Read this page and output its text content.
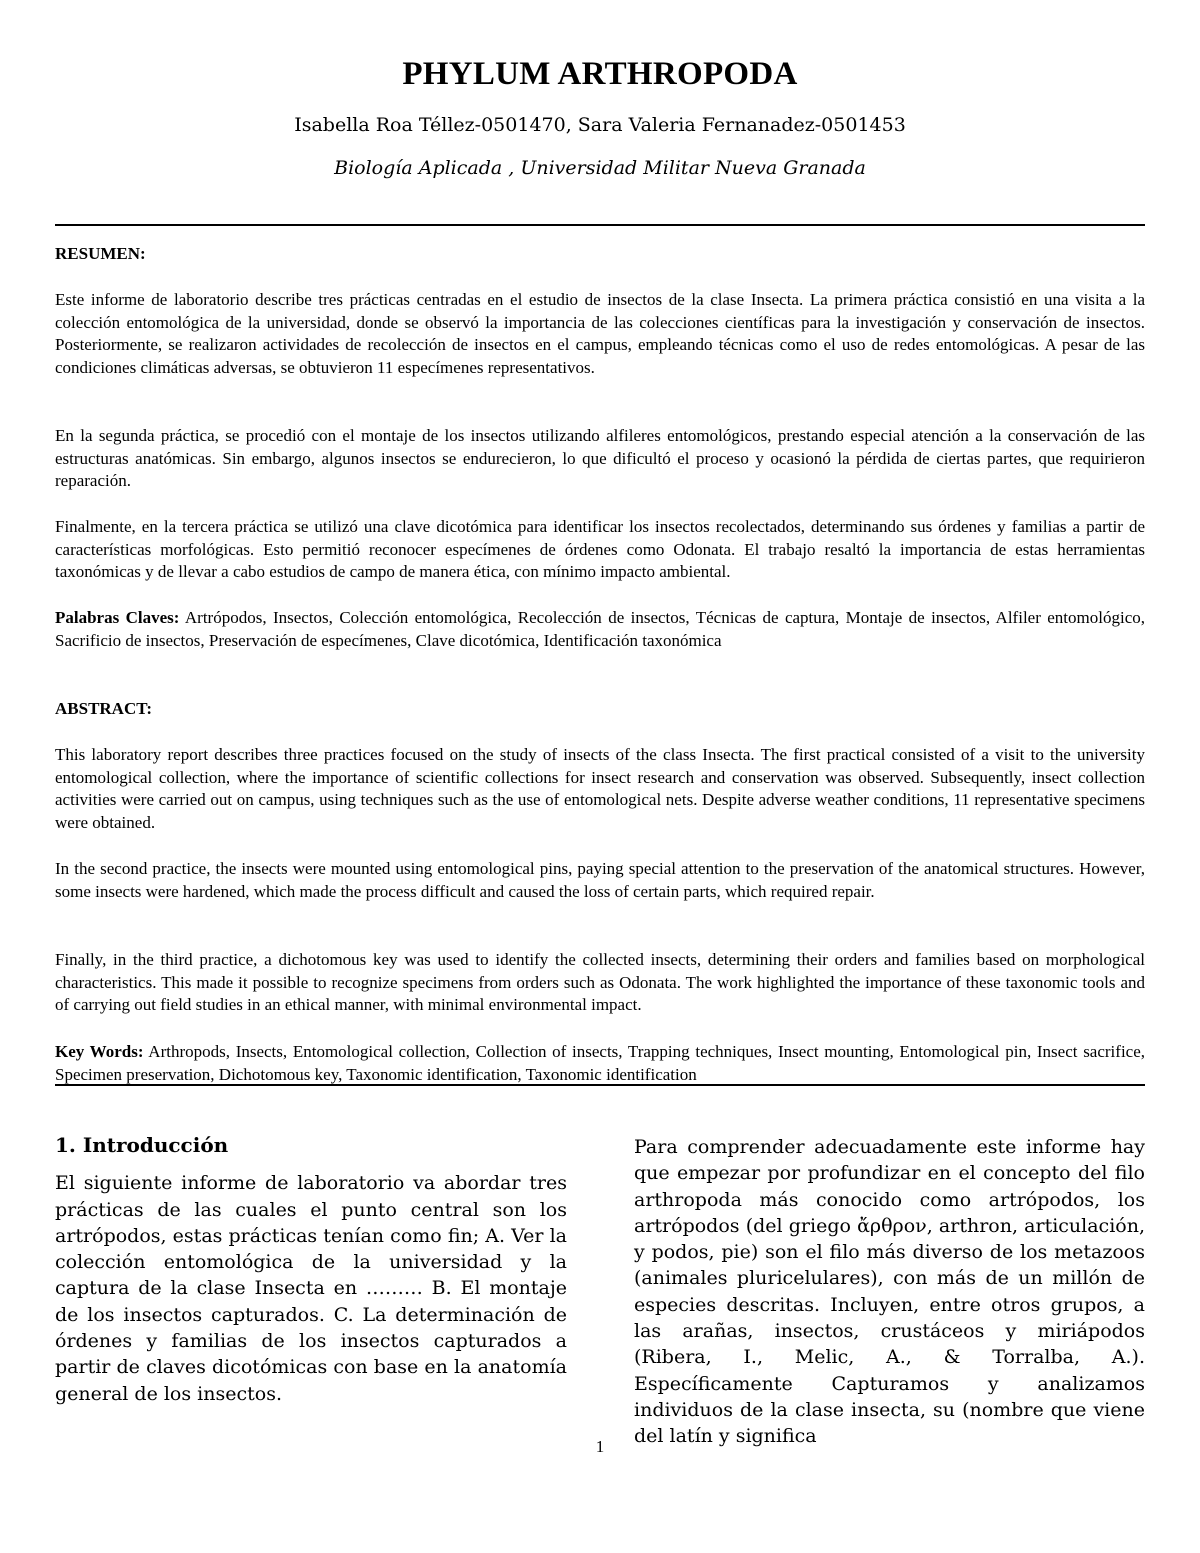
PHYLUM ARTHROPODA
Isabella Roa Téllez-0501470, Sara Valeria Fernanadez-0501453
Biología Aplicada , Universidad Militar Nueva Granada

RESUMEN:

Este informe de laboratorio describe tres prácticas centradas en el estudio de insectos de la clase Insecta. La primera práctica consistió en una visita a la colección entomológica de la universidad, donde se observó la importancia de las colecciones científicas para la investigación y conservación de insectos. Posteriormente, se realizaron actividades de recolección de insectos en el campus, empleando técnicas como el uso de redes entomológicas. A pesar de las condiciones climáticas adversas, se obtuvieron 11 especímenes representativos.

En la segunda práctica, se procedió con el montaje de los insectos utilizando alfileres entomológicos, prestando especial atención a la conservación de las estructuras anatómicas. Sin embargo, algunos insectos se endurecieron, lo que dificultó el proceso y ocasionó la pérdida de ciertas partes, que requirieron reparación.

Finalmente, en la tercera práctica se utilizó una clave dicotómica para identificar los insectos recolectados, determinando sus órdenes y familias a partir de características morfológicas. Esto permitió reconocer especímenes de órdenes como Odonata. El trabajo resaltó la importancia de estas herramientas taxonómicas y de llevar a cabo estudios de campo de manera ética, con mínimo impacto ambiental.

Palabras Claves: Artrópodos, Insectos, Colección entomológica, Recolección de insectos, Técnicas de captura, Montaje de insectos, Alfiler entomológico, Sacrificio de insectos, Preservación de especímenes, Clave dicotómica, Identificación taxonómica

ABSTRACT:

This laboratory report describes three practices focused on the study of insects of the class Insecta. The first practical consisted of a visit to the university entomological collection, where the importance of scientific collections for insect research and conservation was observed. Subsequently, insect collection activities were carried out on campus, using techniques such as the use of entomological nets. Despite adverse weather conditions, 11 representative specimens were obtained.

In the second practice, the insects were mounted using entomological pins, paying special attention to the preservation of the anatomical structures. However, some insects were hardened, which made the process difficult and caused the loss of certain parts, which required repair.

Finally, in the third practice, a dichotomous key was used to identify the collected insects, determining their orders and families based on morphological characteristics. This made it possible to recognize specimens from orders such as Odonata. The work highlighted the importance of these taxonomic tools and of carrying out field studies in an ethical manner, with minimal environmental impact.

Key Words: Arthropods, Insects, Entomological collection, Collection of insects, Trapping techniques, Insect mounting, Entomological pin, Insect sacrifice, Specimen preservation, Dichotomous key, Taxonomic identification, Taxonomic identification

1. Introducción

El siguiente informe de laboratorio va abordar tres prácticas de las cuales el punto central son los artrópodos, estas prácticas tenían como fin; A. Ver la colección entomológica de la universidad y la captura de la clase Insecta en ……… B. El montaje de los insectos capturados. C. La determinación de órdenes y familias de los insectos capturados a partir de claves dicotómicas con base en la anatomía general de los insectos.

Para comprender adecuadamente este informe hay que empezar por profundizar en el concepto del filo arthropoda más conocido como artrópodos, los artrópodos (del griego ἄρθρον, arthron, articulación, y podos, pie) son el filo más diverso de los metazoos (animales pluricelulares), con más de un millón de especies descritas. Incluyen, entre otros grupos, a las arañas, insectos, crustáceos y miriápodos (Ribera, I., Melic, A., & Torralba, A.). Específicamente Capturamos y analizamos individuos de la clase insecta, su (nombre que viene del latín y significa

1
